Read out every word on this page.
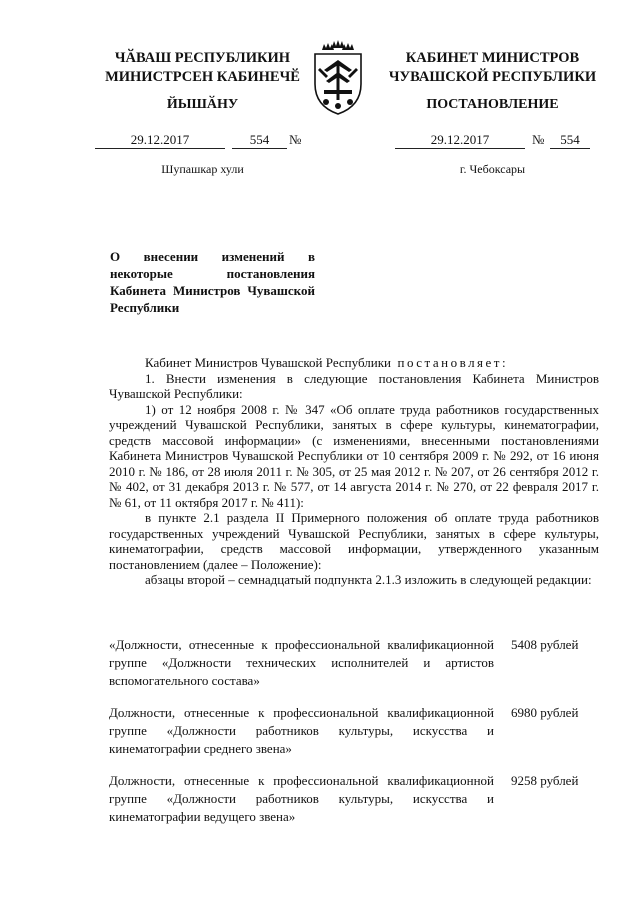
ЧӐВАШ РЕСПУБЛИКИН
МИНИСТРСЕН КАБИНЕЧӖ
ЙЫШӐНУ
КАБИНЕТ МИНИСТРОВ
ЧУВАШСКОЙ РЕСПУБЛИКИ
ПОСТАНОВЛЕНИЕ
29.12.2017	554	№	29.12.2017	№	554
Шупашкар хули	г. Чебоксары
О внесении изменений в некоторые постановления Кабинета Министров Чувашской Республики

Кабинет Министров Чувашской Республики постановляет:

1. Внести изменения в следующие постановления Кабинета Министров Чувашской Республики:

1) от 12 ноября 2008 г. № 347 «Об оплате труда работников государственных учреждений Чувашской Республики, занятых в сфере культуры, кинематографии, средств массовой информации» (с изменениями, внесенными постановлениями Кабинета Министров Чувашской Республики от 10 сентября 2009 г. № 292, от 16 июня 2010 г. № 186, от 28 июля 2011 г. № 305, от 25 мая 2012 г. № 207, от 26 сентября 2012 г. № 402, от 31 декабря 2013 г. № 577, от 14 августа 2014 г. № 270, от 22 февраля 2017 г. № 61, от 11 октября 2017 г. № 411):

в пункте 2.1 раздела II Примерного положения об оплате труда работников государственных учреждений Чувашской Республики, занятых в сфере культуры, кинематографии, средств массовой информации, утвержденного указанным постановлением (далее – Положение):

абзацы второй – семнадцатый подпункта 2.1.3 изложить в следующей редакции:

«Должности, отнесенные к профессиональной квалификационной группе «Должности технических исполнителей и артистов вспомогательного состава»
5408 рублей
Должности, отнесенные к профессиональной квалификационной группе «Должности работников культуры, искусства и кинематографии среднего звена»
6980 рублей
Должности, отнесенные к профессиональной квалификационной группе «Должности работников культуры, искусства и кинематографии ведущего звена»
9258 рублей
